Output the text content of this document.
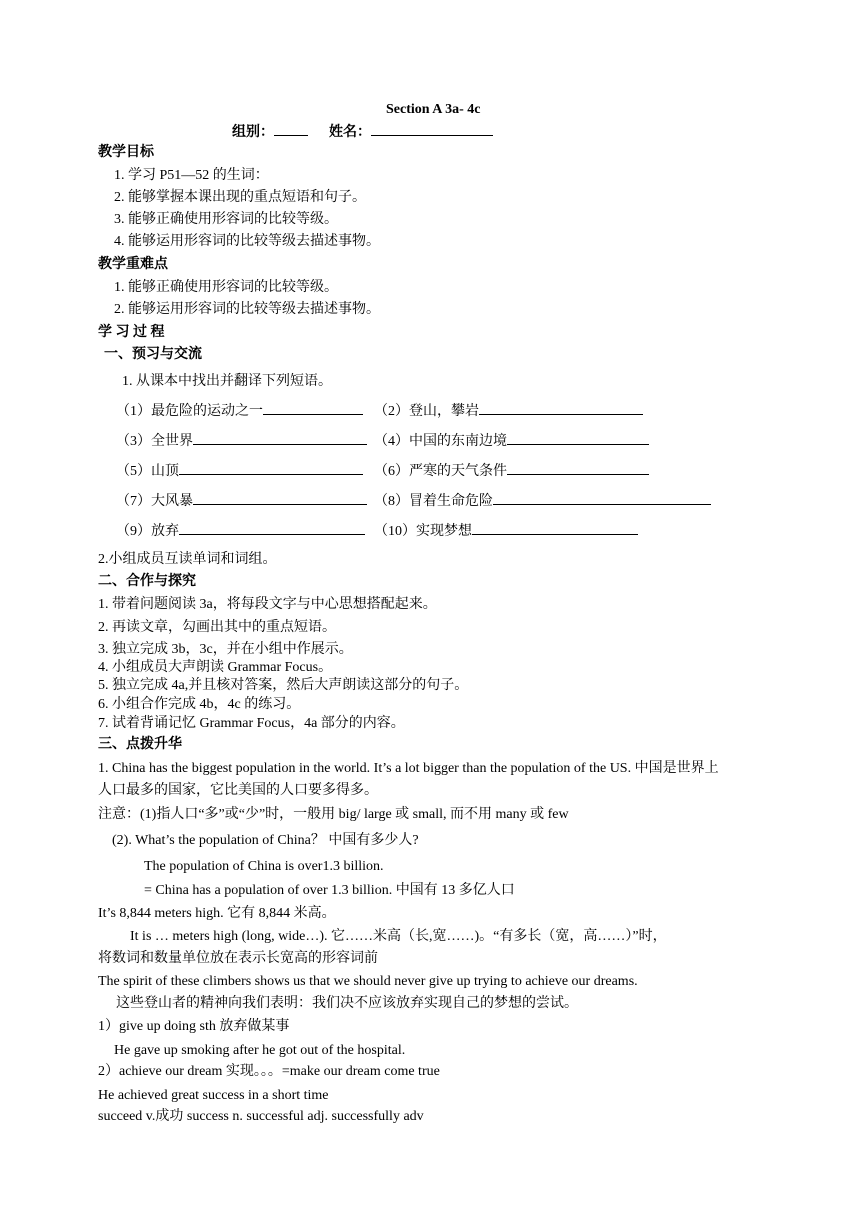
Section A 3a- 4c
组别：	姓名：
教学目标
1. 学习 P51—52 的生词：
2. 能够掌握本课出现的重点短语和句子。
3. 能够正确使用形容词的比较等级。
4. 能够运用形容词的比较等级去描述事物。
教学重难点
1. 能够正确使用形容词的比较等级。
2. 能够运用形容词的比较等级去描述事物。
学 习 过 程
一、预习与交流
1. 从课本中找出并翻译下列短语。
（1）最危险的运动之一	（2）登山，攀岩
（3）全世界	（4）中国的东南边境
（5）山顶	（6）严寒的天气条件
（7）大风暴	（8）冒着生命危险
（9）放弃	（10）实现梦想
2.小组成员互读单词和词组。
二、合作与探究
1. 带着问题阅读 3a，将每段文字与中心思想搭配起来。
2. 再读文章，勾画出其中的重点短语。
3. 独立完成 3b，3c，并在小组中作展示。
4. 小组成员大声朗读 Grammar Focus。
5. 独立完成 4a,并且核对答案，然后大声朗读这部分的句子。
6. 小组合作完成 4b，4c 的练习。
7. 试着背诵记忆 Grammar Focus，4a 部分的内容。
三、点拨升华
1. China has the biggest population in the world. It’s a lot bigger than the population of the US. 中国是世界上
人口最多的国家，它比美国的人口要多得多。
注意：(1)指人口“多”或“少”时，一般用 big/ large 或 small, 而不用 many 或 few
(2). What’s the population of China？ 中国有多少人?
The population of China is over1.3 billion.
= China has a population of over 1.3 billion. 中国有 13 多亿人口
It’s 8,844 meters high. 它有 8,844 米高。
It is … meters high (long, wide…). 它……米高（长,宽……)。“有多长（宽，高……）”时，
将数词和数量单位放在表示长宽高的形容词前
The spirit of these climbers shows us that we should never give up trying to achieve our dreams.
这些登山者的精神向我们表明：我们决不应该放弃实现自己的梦想的尝试。
1）give up doing sth 放弃做某事
He gave up smoking after he got out of the hospital.
2）achieve our dream 实现。。。=make our dream come true
He achieved great success in a short time
succeed v.成功 success n. successful adj. successfully adv
